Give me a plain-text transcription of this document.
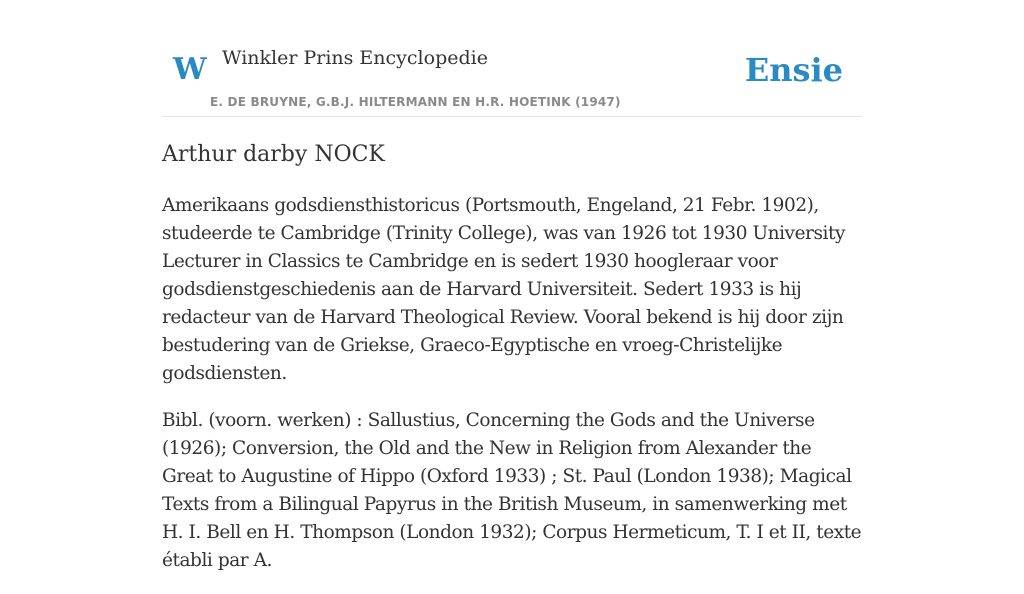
W Winkler Prins Encyclopedie	Ensie
E. DE BRUYNE, G.B.J. HILTERMANN EN H.R. HOETINK (1947)
Arthur darby NOCK

Amerikaans godsdiensthistoricus (Portsmouth, Engeland, 21 Febr. 1902), studeerde te Cambridge (Trinity College), was van 1926 tot 1930 University Lecturer in Classics te Cambridge en is sedert 1930 hoogleraar voor godsdienstgeschiedenis aan de Harvard Universiteit. Sedert 1933 is hij redacteur van de Harvard Theological Review. Vooral bekend is hij door zijn bestudering van de Griekse, Graeco-Egyptische en vroeg-Christelijke godsdiensten.

Bibl. (voorn. werken) : Sallustius, Concerning the Gods and the Universe (1926); Conversion, the Old and the New in Religion from Alexander the Great to Augustine of Hippo (Oxford 1933) ; St. Paul (London 1938); Magical Texts from a Bilingual Papyrus in the British Museum, in samenwerking met H. I. Bell en H. Thompson (London 1932); Corpus Hermeticum, T. I et II, texte établi par A.
